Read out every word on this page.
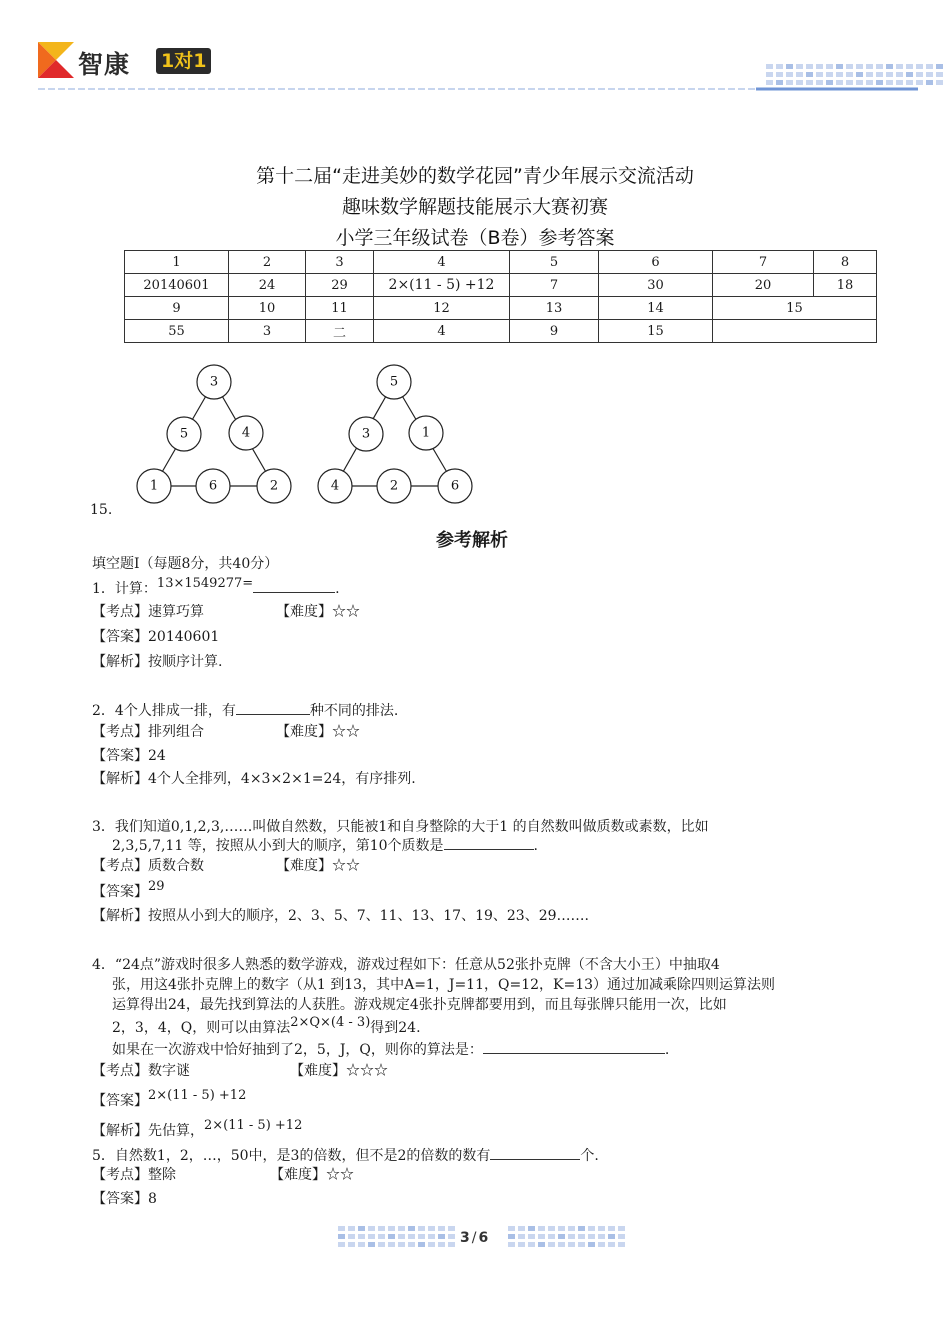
智康 1对1
第十二届“走进美妙的数学花园”青少年展示交流活动
趣味数学解题技能展示大赛初赛
小学三年级试卷（B卷）参考答案
1	2	3	4	5	6	7	8
20140601	24	29	2×(11 - 5) +12	7	30	20	18
9	10	11	12	13	14	15	
55	3	二	4	9	15		
3
5	4
1	6	2
5
3	1
4	2	6
15.
参考解析
填空题Ⅰ（每题8分，共40分）
1．计算：13×1549277=	.
【考点】速算巧算	【难度】☆☆
【答案】20140601
【解析】按顺序计算.
2．4个人排成一排，有	种不同的排法.
【考点】排列组合	【难度】☆☆
【答案】24
【解析】4个人全排列，4×3×2×1=24，有序排列.
3．我们知道0,1,2,3,……叫做自然数，只能被1和自身整除的大于1 的自然数叫做质数或素数，比如
2,3,5,7,11 等，按照从小到大的顺序，第10个质数是	.
【考点】质数合数	【难度】☆☆
【答案】29
【解析】按照从小到大的顺序，2、3、5、7、11、13、17、19、23、29…….
4．“24点”游戏时很多人熟悉的数学游戏，游戏过程如下：任意从52张扑克牌（不含大小王）中抽取4
张，用这4张扑克牌上的数字（从1 到13，其中A=1，J=11，Q=12，K=13）通过加减乘除四则运算法则
运算得出24，最先找到算法的人获胜。游戏规定4张扑克牌都要用到，而且每张牌只能用一次，比如
2，3，4，Q，则可以由算法2×Q×(4 - 3)得到24.
如果在一次游戏中恰好抽到了2，5，J，Q，则你的算法是：	.
【考点】数字谜	【难度】☆☆☆
【答案】2×(11 - 5) +12
【解析】先估算，2×(11 - 5) +12
5．自然数1，2，…，50中，是3的倍数，但不是2的倍数的数有	个.
【考点】整除	【难度】☆☆
【答案】8
3 / 6
